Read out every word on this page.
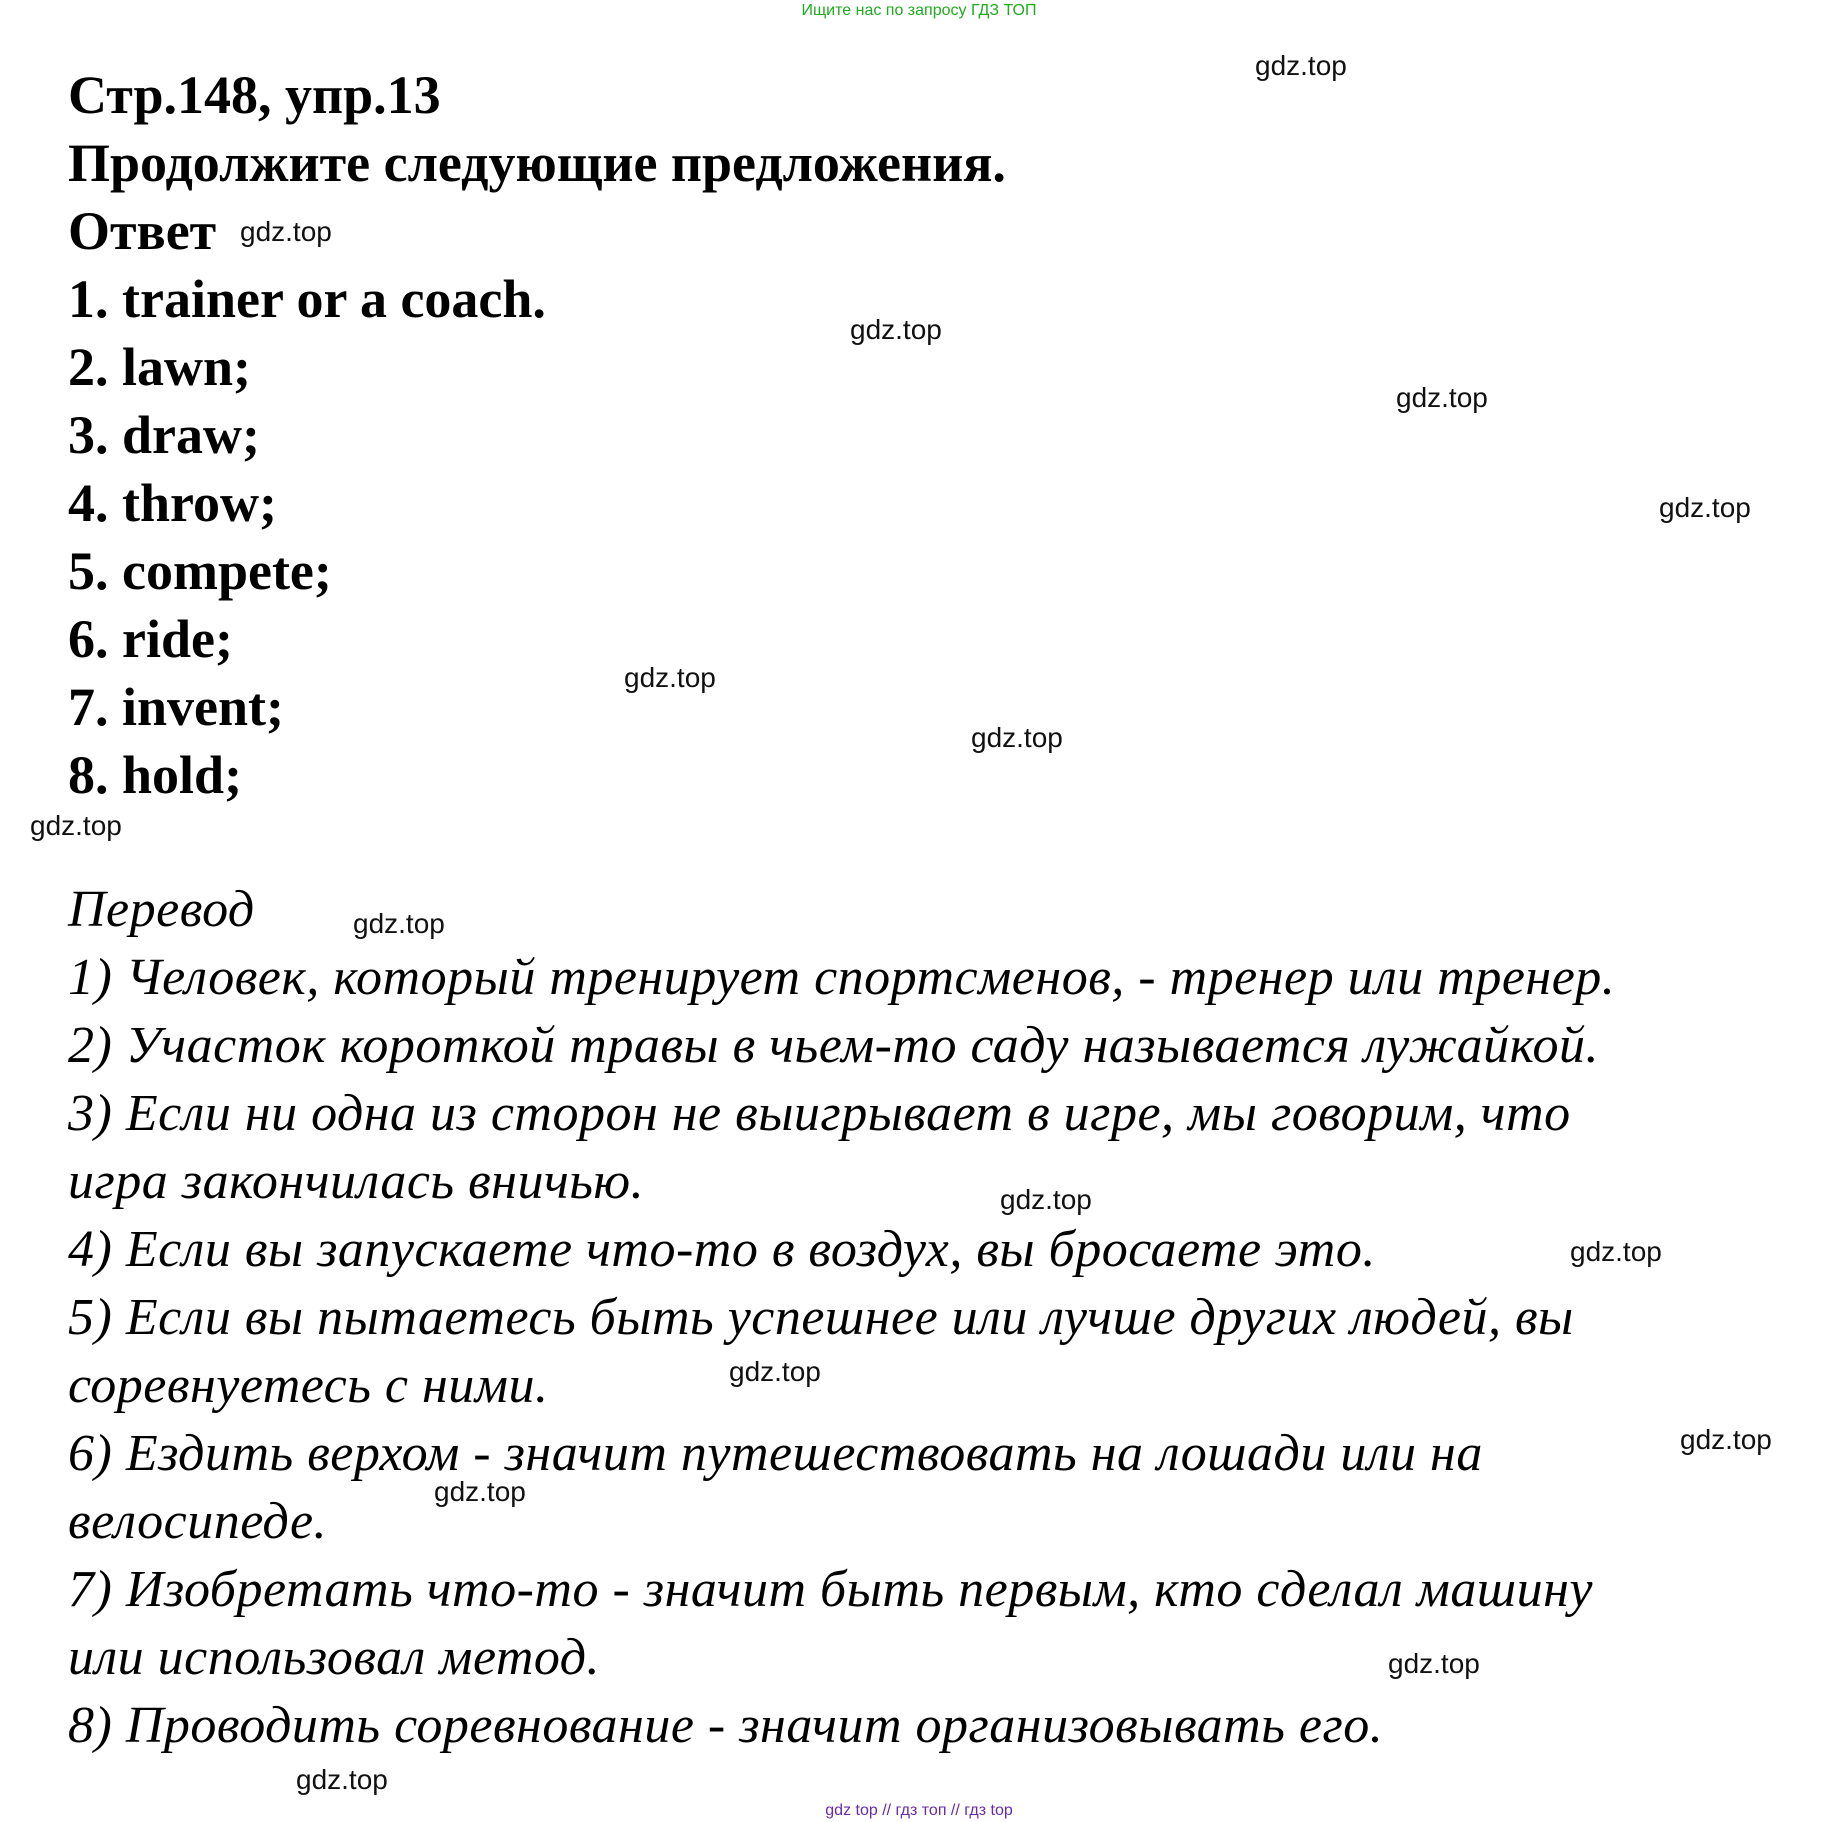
Ищите нас по запросу ГДЗ ТОП
Стр.148, упр.13
Продолжите следующие предложения.
Ответ
1. trainer or a coach.
2. lawn;
3. draw;
4. throw;
5. compete;
6. ride;
7. invent;
8. hold;
Перевод
1) Человек, который тренирует спортсменов, - тренер или тренер.
2) Участок короткой травы в чьем-то саду называется лужайкой.
3) Если ни одна из сторон не выигрывает в игре, мы говорим, что
игра закончилась вничью.
4) Если вы запускаете что-то в воздух, вы бросаете это.
5) Если вы пытаетесь быть успешнее или лучше других людей, вы
соревнуетесь с ними.
6) Ездить верхом - значит путешествовать на лошади или на
велосипеде.
7) Изобретать что-то - значит быть первым, кто сделал машину
или использовал метод.
8) Проводить соревнование - значит организовывать его.
gdz.top
gdz.top
gdz.top
gdz.top
gdz.top
gdz.top
gdz.top
gdz.top
gdz.top
gdz.top
gdz.top
gdz.top
gdz.top
gdz.top
gdz.top
gdz.top
gdz top // гдз топ // гдз top
